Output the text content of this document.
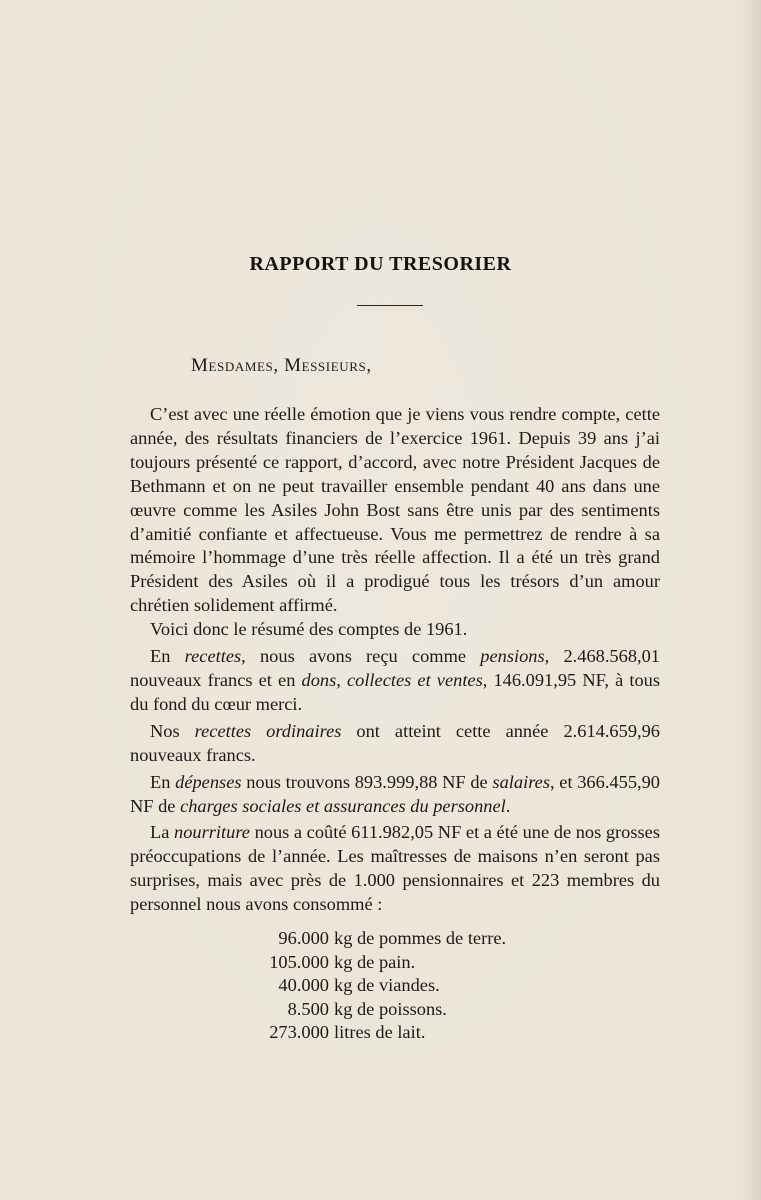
RAPPORT DU TRESORIER

Mesdames, Messieurs,

C’est avec une réelle émotion que je viens vous rendre compte, cette année, des résultats financiers de l’exercice 1961. Depuis 39 ans j’ai toujours présenté ce rapport, d’accord, avec notre Président Jacques de Bethmann et on ne peut travailler ensemble pendant 40 ans dans une œuvre comme les Asiles John Bost sans être unis par des sentiments d’amitié confiante et affectueuse. Vous me permettrez de rendre à sa mémoire l’hommage d’une très réelle affection. Il a été un très grand Président des Asiles où il a prodigué tous les trésors d’un amour chrétien solidement affirmé.

Voici donc le résumé des comptes de 1961.

En recettes, nous avons reçu comme pensions, 2.468.568,01 nouveaux francs et en dons, collectes et ventes, 146.091,95 NF, à tous du fond du cœur merci.

Nos recettes ordinaires ont atteint cette année 2.614.659,96 nouveaux francs.

En dépenses nous trouvons 893.999,88 NF de salaires, et 366.455,90 NF de charges sociales et assurances du personnel.

La nourriture nous a coûté 611.982,05 NF et a été une de nos grosses préoccupations de l’année. Les maîtresses de maisons n’en seront pas surprises, mais avec près de 1.000 pensionnaires et 223 membres du personnel nous avons consommé :

96.000 kg de pommes de terre.
105.000 kg de pain.
40.000 kg de viandes.
8.500 kg de poissons.
273.000 litres de lait.
